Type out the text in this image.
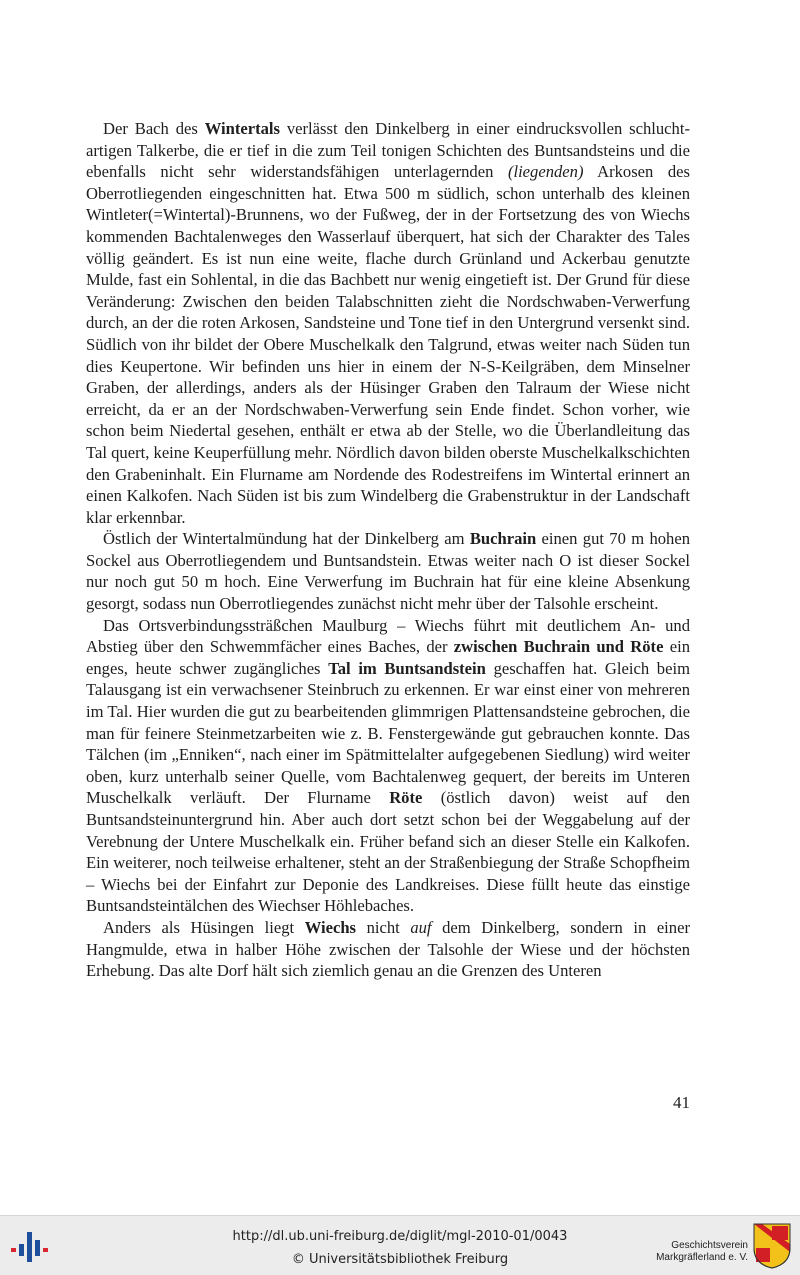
Der Bach des Wintertals verlässt den Dinkelberg in einer eindrucksvollen schluchtartigen Talkerbe, die er tief in die zum Teil tonigen Schichten des Buntsandsteins und die ebenfalls nicht sehr widerstandsfähigen unterlagernden (liegenden) Arkosen des Oberrotliegenden eingeschnitten hat. Etwa 500 m südlich, schon unterhalb des kleinen Wintleter(=Wintertal)-Brunnens, wo der Fußweg, der in der Fortsetzung des von Wiechs kommenden Bachtalenweges den Wasserlauf überquert, hat sich der Charakter des Tales völlig geändert. Es ist nun eine weite, flache durch Grünland und Ackerbau genutzte Mulde, fast ein Sohlental, in die das Bachbett nur wenig eingetieft ist. Der Grund für diese Veränderung: Zwischen den beiden Talabschnitten zieht die Nordschwaben-Verwerfung durch, an der die roten Arkosen, Sandsteine und Tone tief in den Untergrund versenkt sind. Südlich von ihr bildet der Obere Muschelkalk den Talgrund, etwas weiter nach Süden tun dies Keupertone. Wir befinden uns hier in einem der N-S-Keilgräben, dem Minselner Graben, der allerdings, anders als der Hüsinger Graben den Talraum der Wiese nicht erreicht, da er an der Nordschwaben-Verwerfung sein Ende findet. Schon vorher, wie schon beim Niedertal gesehen, enthält er etwa ab der Stelle, wo die Überlandleitung das Tal quert, keine Keuperfüllung mehr. Nördlich davon bilden oberste Muschelkalkschichten den Grabeninhalt. Ein Flurname am Nordende des Rodestreifens im Wintertal erinnert an einen Kalkofen. Nach Süden ist bis zum Windelberg die Grabenstruktur in der Landschaft klar erkennbar.

Östlich der Wintertalmündung hat der Dinkelberg am Buchrain einen gut 70 m hohen Sockel aus Oberrotliegendem und Buntsandstein. Etwas weiter nach O ist dieser Sockel nur noch gut 50 m hoch. Eine Verwerfung im Buchrain hat für eine kleine Absenkung gesorgt, sodass nun Oberrotliegendes zunächst nicht mehr über der Talsohle erscheint.

Das Ortsverbindungssträßchen Maulburg – Wiechs führt mit deutlichem An- und Abstieg über den Schwemmfächer eines Baches, der zwischen Buchrain und Röte ein enges, heute schwer zugängliches Tal im Buntsandstein geschaffen hat. Gleich beim Talausgang ist ein verwachsener Steinbruch zu erkennen. Er war einst einer von mehreren im Tal. Hier wurden die gut zu bearbeitenden glimmrigen Plattensandsteine gebrochen, die man für feinere Steinmetzarbeiten wie z. B. Fenstergewände gut gebrauchen konnte. Das Tälchen (im „Enniken“, nach einer im Spätmittelalter aufgegebenen Siedlung) wird weiter oben, kurz unterhalb seiner Quelle, vom Bachtalenweg gequert, der bereits im Unteren Muschelkalk verläuft. Der Flurname Röte (östlich davon) weist auf den Buntsandsteinuntergrund hin. Aber auch dort setzt schon bei der Weggabelung auf der Verebnung der Untere Muschelkalk ein. Früher befand sich an dieser Stelle ein Kalkofen. Ein weiterer, noch teilweise erhaltener, steht an der Straßenbiegung der Straße Schopfheim – Wiechs bei der Einfahrt zur Deponie des Landkreises. Diese füllt heute das einstige Buntsandsteintälchen des Wiechser Höhlebaches.

Anders als Hüsingen liegt Wiechs nicht auf dem Dinkelberg, sondern in einer Hangmulde, etwa in halber Höhe zwischen der Talsohle der Wiese und der höchsten Erhebung. Das alte Dorf hält sich ziemlich genau an die Grenzen des Unteren

41
http://dl.ub.uni-freiburg.de/diglit/mgl-2010-01/0043
© Universitätsbibliothek Freiburg
Geschichtsverein
Markgräflerland e. V.
